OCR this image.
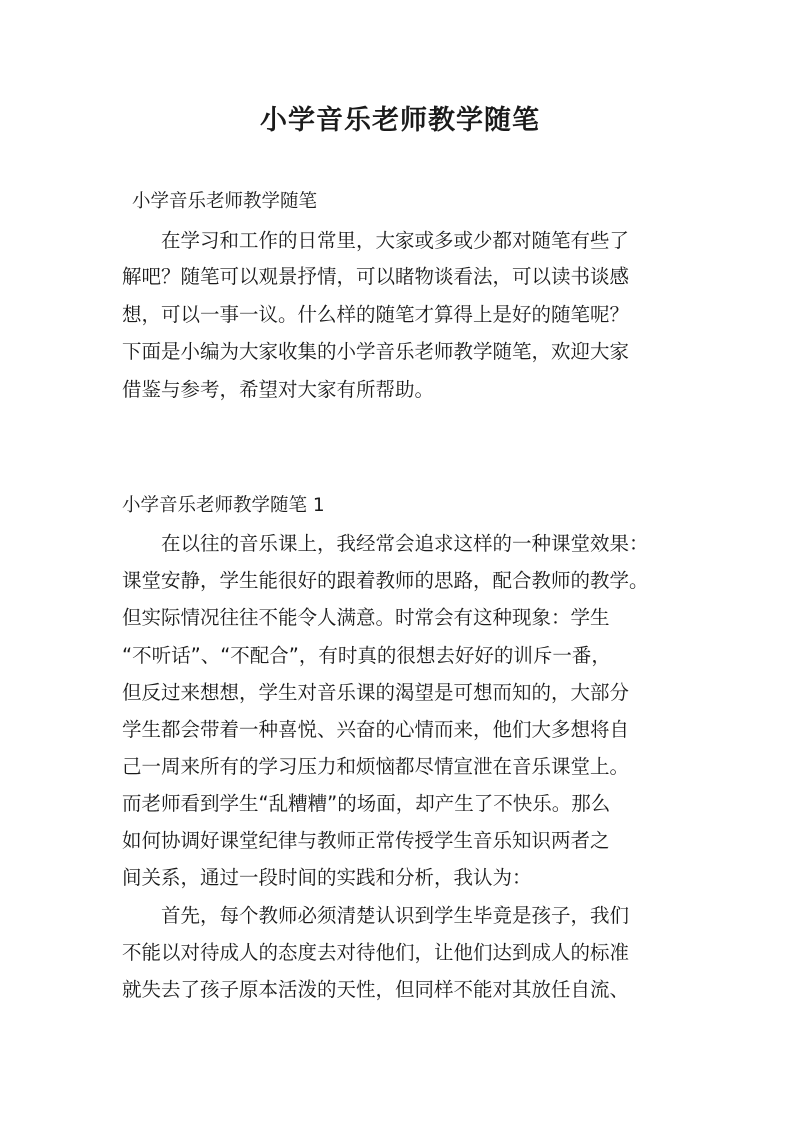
小学音乐老师教学随笔
小学音乐老师教学随笔
在学习和工作的日常里，大家或多或少都对随笔有些了
解吧？随笔可以观景抒情，可以睹物谈看法，可以读书谈感
想，可以一事一议。什么样的随笔才算得上是好的随笔呢？
下面是小编为大家收集的小学音乐老师教学随笔，欢迎大家
借鉴与参考，希望对大家有所帮助。
小学音乐老师教学随笔 1
在以往的音乐课上，我经常会追求这样的一种课堂效果：
课堂安静，学生能很好的跟着教师的思路，配合教师的教学。
但实际情况往往不能令人满意。时常会有这种现象：学生
“不听话”、“不配合”，有时真的很想去好好的训斥一番，
但反过来想想，学生对音乐课的渴望是可想而知的，大部分
学生都会带着一种喜悦、兴奋的心情而来，他们大多想将自
己一周来所有的学习压力和烦恼都尽情宣泄在音乐课堂上。
而老师看到学生“乱糟糟”的场面，却产生了不快乐。那么
如何协调好课堂纪律与教师正常传授学生音乐知识两者之
间关系，通过一段时间的实践和分析，我认为：
首先，每个教师必须清楚认识到学生毕竟是孩子，我们
不能以对待成人的态度去对待他们，让他们达到成人的标准
就失去了孩子原本活泼的天性，但同样不能对其放任自流、
